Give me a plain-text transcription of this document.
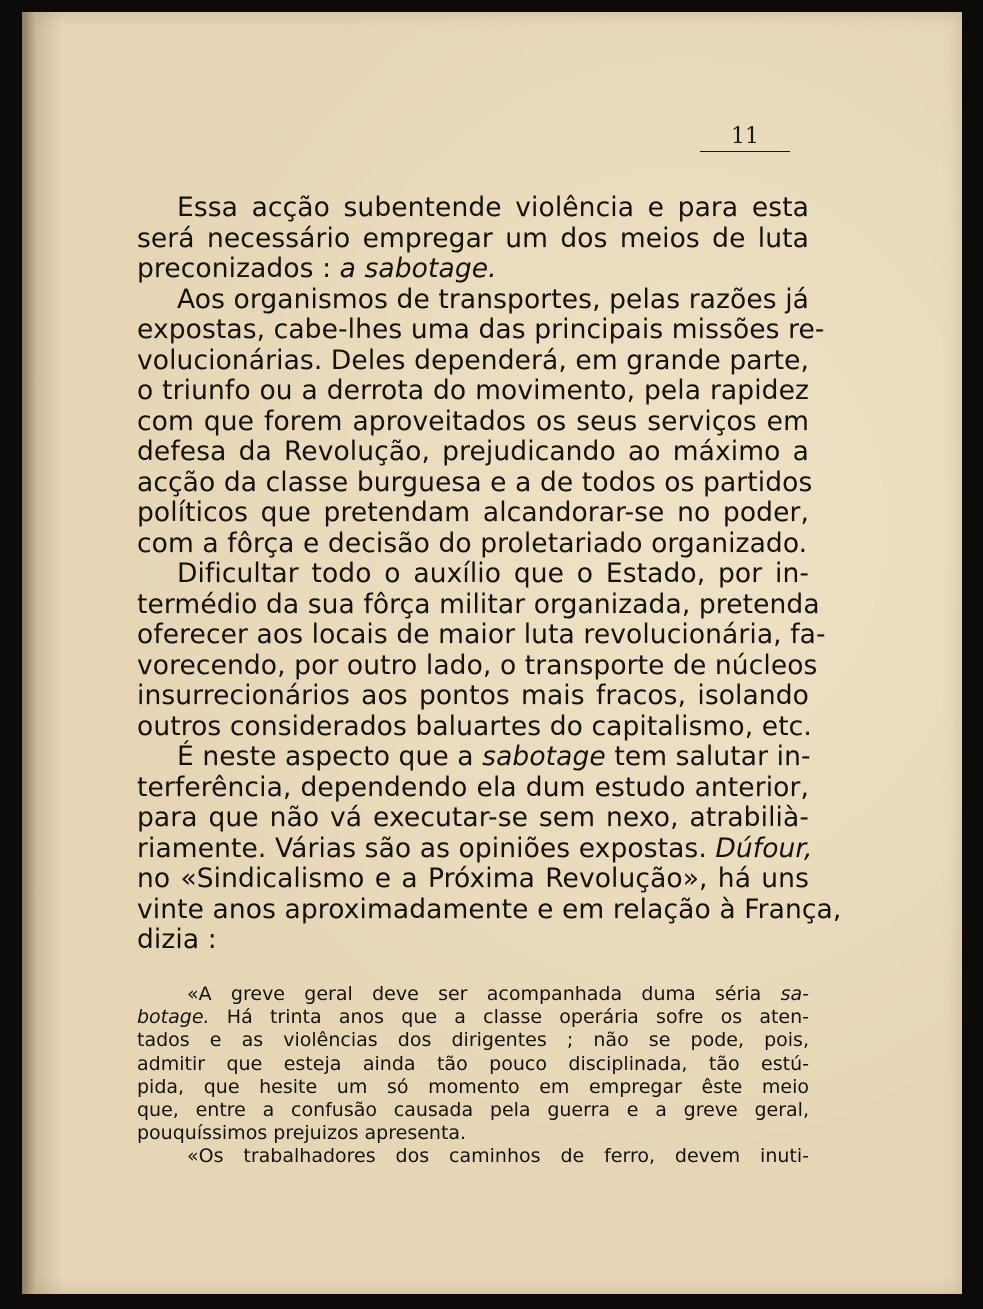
11
Essa acção subentende violência e para esta
será necessário empregar um dos meios de luta
preconizados : a sabotage.
Aos organismos de transportes, pelas razões já
expostas, cabe-lhes uma das principais missões re-
volucionárias. Deles dependerá, em grande parte,
o triunfo ou a derrota do movimento, pela rapidez
com que forem aproveitados os seus serviços em
defesa da Revolução, prejudicando ao máximo a
acção da classe burguesa e a de todos os partidos
políticos que pretendam alcandorar-se no poder,
com a fôrça e decisão do proletariado organizado.
Dificultar todo o auxílio que o Estado, por in-
termédio da sua fôrça militar organizada, pretenda
oferecer aos locais de maior luta revolucionária, fa-
vorecendo, por outro lado, o transporte de núcleos
insurrecionários aos pontos mais fracos, isolando
outros considerados baluartes do capitalismo, etc.
É neste aspecto que a sabotage tem salutar in-
terferência, dependendo ela dum estudo anterior,
para que não vá executar-se sem nexo, atrabilià-
riamente. Várias são as opiniões expostas. Dúfour,
no «Sindicalismo e a Próxima Revolução», há uns
vinte anos aproximadamente e em relação à França,
dizia :
«A greve geral deve ser acompanhada duma séria sa-
botage. Há trinta anos que a classe operária sofre os aten-
tados e as violências dos dirigentes ; não se pode, pois,
admitir que esteja ainda tão pouco disciplinada, tão estú-
pida, que hesite um só momento em empregar êste meio
que, entre a confusão causada pela guerra e a greve geral,
pouquíssimos prejuizos apresenta.
«Os trabalhadores dos caminhos de ferro, devem inuti-
